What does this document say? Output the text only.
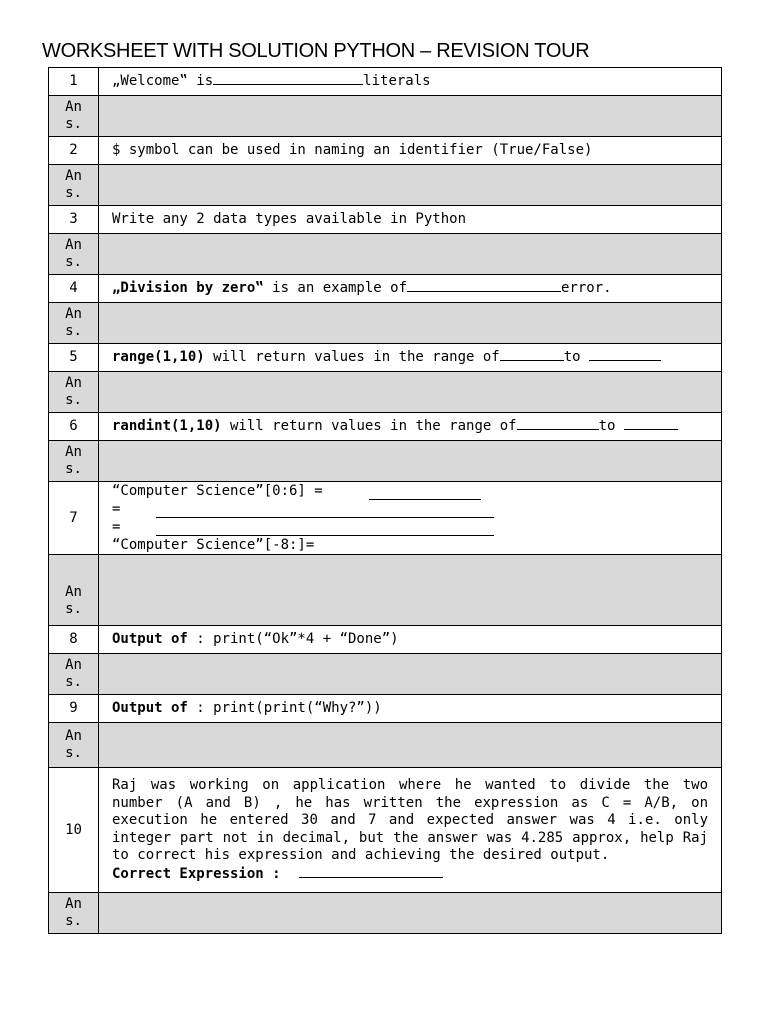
WORKSHEET WITH SOLUTION PYTHON – REVISION TOUR
1	„Welcome‟ is literals
An
s.	
2	$ symbol can be used in naming an identifier (True/False)
An
s.	
3	Write any 2 data types available in Python
An
s.	
4	„Division by zero‟ is an example of error.
An
s.	
5	range(1,10) will return values in the range of to
An
s.	
6	randint(1,10) will return values in the range of to
An
s.	
7	“Computer Science”[0:6] =
=
=
“Computer Science”[-8:]=

An
s.	
8	Output of : print(“Ok”*4 + “Done”)
An
s.	
9	Output of : print(print(“Why?”))
An
s.	
10	Raj was working on application where he wanted to divide the two number (A and B) , he has written the expression as C = A/B, on execution he entered 30 and 7 and expected answer was 4 i.e. only integer part not in decimal, but the answer was 4.285 approx, help Raj to correct his expression and achieving the desired output.
Correct Expression :

An
s.	
